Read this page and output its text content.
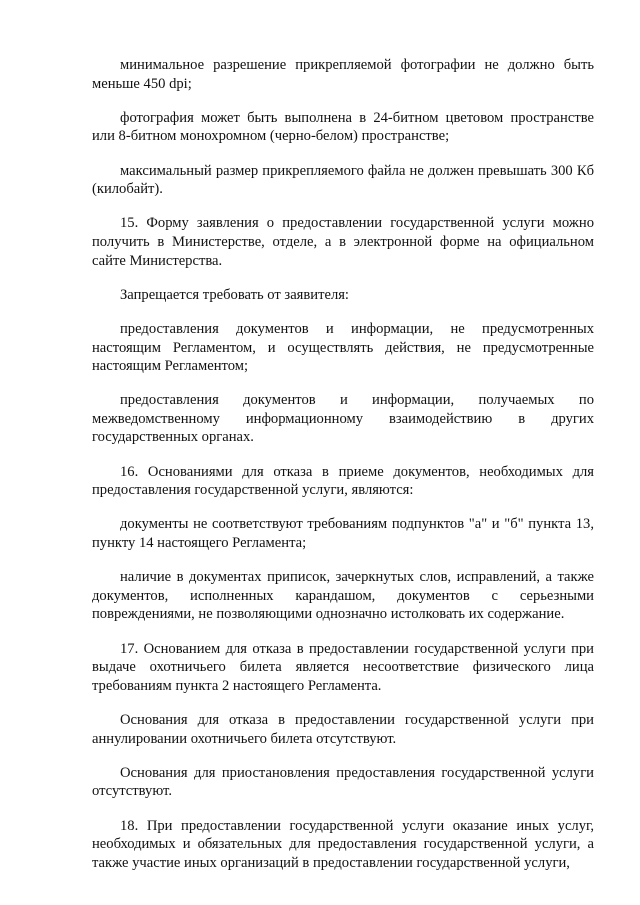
минимальное разрешение прикрепляемой фотографии не должно быть меньше 450 dpi;

фотография может быть выполнена в 24-битном цветовом пространстве или 8-битном монохромном (черно-белом) пространстве;

максимальный размер прикрепляемого файла не должен превышать 300 Кб (килобайт).

15. Форму заявления о предоставлении государственной услуги можно получить в Министерстве, отделе, а в электронной форме на официальном сайте Министерства.

Запрещается требовать от заявителя:

предоставления документов и информации, не предусмотренных настоящим Регламентом, и осуществлять действия, не предусмотренные настоящим Регламентом;

предоставления документов и информации, получаемых по межведомственному информационному взаимодействию в других государственных органах.

16. Основаниями для отказа в приеме документов, необходимых для предоставления государственной услуги, являются:

документы не соответствуют требованиям подпунктов "а" и "б" пункта 13, пункту 14 настоящего Регламента;

наличие в документах приписок, зачеркнутых слов, исправлений, а также документов, исполненных карандашом, документов с серьезными повреждениями, не позволяющими однозначно истолковать их содержание.

17. Основанием для отказа в предоставлении государственной услуги при выдаче охотничьего билета является несоответствие физического лица требованиям пункта 2 настоящего Регламента.

Основания для отказа в предоставлении государственной услуги при аннулировании охотничьего билета отсутствуют.

Основания для приостановления предоставления государственной услуги отсутствуют.

18. При предоставлении государственной услуги оказание иных услуг, необходимых и обязательных для предоставления государственной услуги, а также участие иных организаций в предоставлении государственной услуги,
